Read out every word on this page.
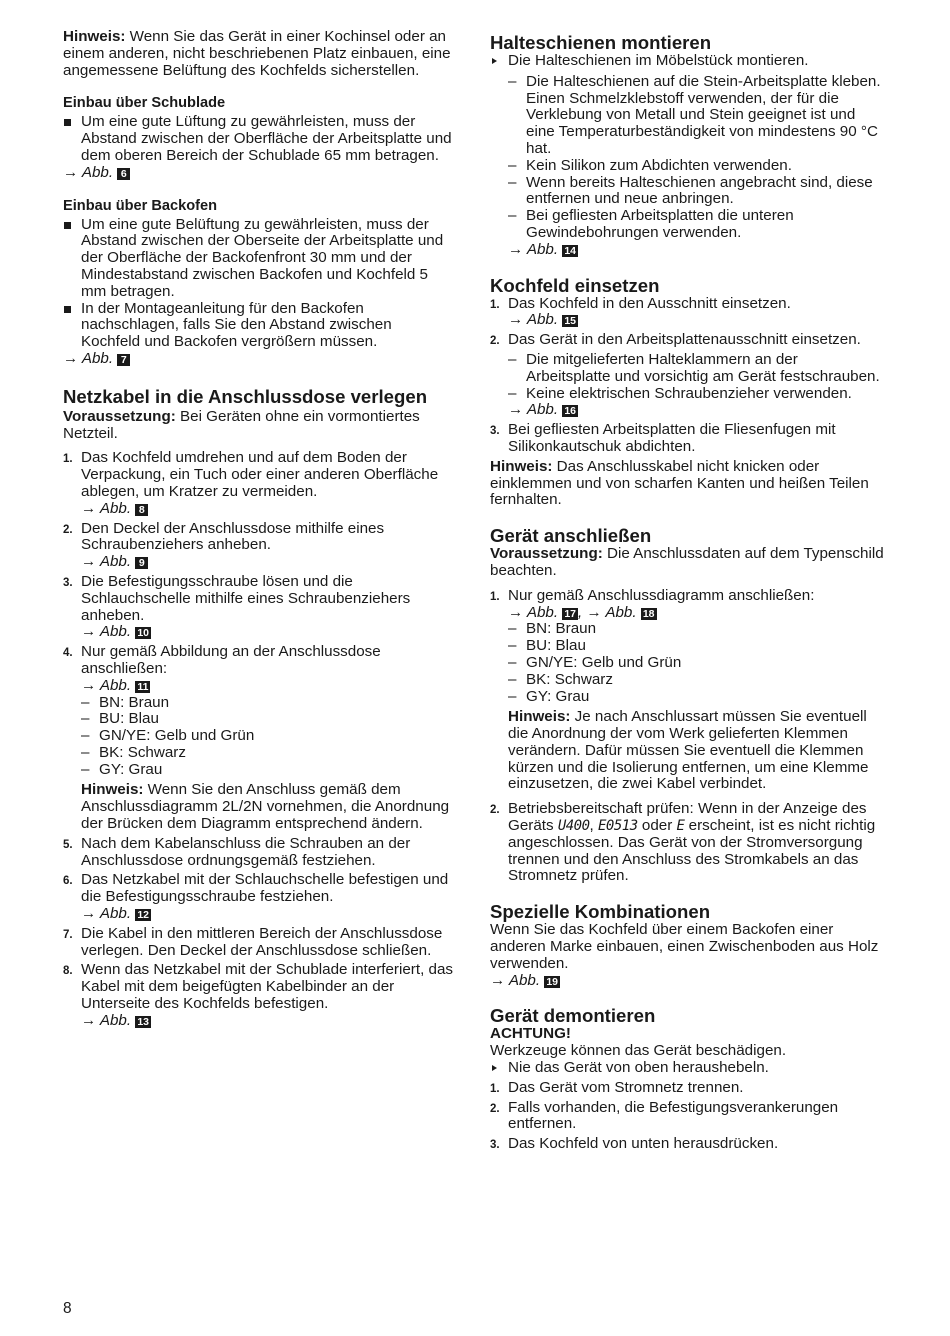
Hinweis: Wenn Sie das Gerät in einer Kochinsel oder an einem anderen, nicht beschriebenen Platz einbauen, eine angemessene Belüftung des Kochfelds sicherstellen.

Einbau über Schublade
Um eine gute Lüftung zu gewährleisten, muss der Abstand zwischen der Oberfläche der Arbeitsplatte und dem oberen Bereich der Schublade 65 mm betragen.
→ Abb. 6
Einbau über Backofen
Um eine gute Belüftung zu gewährleisten, muss der Abstand zwischen der Oberseite der Arbeitsplatte und der Oberfläche der Backofenfront 30 mm und der Mindestabstand zwischen Backofen und Kochfeld 5 mm betragen.
In der Montageanleitung für den Backofen nachschlagen, falls Sie den Abstand zwischen Kochfeld und Backofen vergrößern müssen.
→ Abb. 7
Netzkabel in die Anschlussdose verlegen

Voraussetzung: Bei Geräten ohne ein vormontiertes Netzteil.

1. Das Kochfeld umdrehen und auf dem Boden der Verpackung, ein Tuch oder einer anderen Oberfläche ablegen, um Kratzer zu vermeiden.
→ Abb. 8
2. Den Deckel der Anschlussdose mithilfe eines Schraubenziehers anheben.
→ Abb. 9
3. Die Befestigungsschraube lösen und die Schlauchschelle mithilfe eines Schraubenziehers anheben.
→ Abb. 10
4. Nur gemäß Abbildung an der Anschlussdose anschließen:
→ Abb. 11
– BN: Braun
– BU: Blau
– GN/YE: Gelb und Grün
– BK: Schwarz
– GY: Grau

Hinweis: Wenn Sie den Anschluss gemäß dem Anschlussdiagramm 2L/2N vornehmen, die Anordnung der Brücken dem Diagramm entsprechend ändern.

5. Nach dem Kabelanschluss die Schrauben an der Anschlussdose ordnungsgemäß festziehen.
6. Das Netzkabel mit der Schlauchschelle befestigen und die Befestigungsschraube festziehen.
→ Abb. 12
7. Die Kabel in den mittleren Bereich der Anschlussdose verlegen. Den Deckel der Anschlussdose schließen.
8. Wenn das Netzkabel mit der Schublade interferiert, das Kabel mit dem beigefügten Kabelbinder an der Unterseite des Kochfelds befestigen.
→ Abb. 13
Halteschienen montieren
Die Halteschienen im Möbelstück montieren.
– Die Halteschienen auf die Stein-Arbeitsplatte kleben. Einen Schmelzklebstoff verwenden, der für die Verklebung von Metall und Stein geeignet ist und eine Temperaturbeständigkeit von mindestens 90 °C hat.
– Kein Silikon zum Abdichten verwenden.
– Wenn bereits Halteschienen angebracht sind, diese entfernen und neue anbringen.
– Bei gefliesten Arbeitsplatten die unteren Gewindebohrungen verwenden.
→ Abb. 14
Kochfeld einsetzen
1. Das Kochfeld in den Ausschnitt einsetzen.
→ Abb. 15
2. Das Gerät in den Arbeitsplattenausschnitt einsetzen.
– Die mitgelieferten Halteklammern an der Arbeitsplatte und vorsichtig am Gerät festschrauben.
– Keine elektrischen Schraubenzieher verwenden.
→ Abb. 16
3. Bei gefliesten Arbeitsplatten die Fliesenfugen mit Silikonkautschuk abdichten.

Hinweis: Das Anschlusskabel nicht knicken oder einklemmen und von scharfen Kanten und heißen Teilen fernhalten.

Gerät anschließen

Voraussetzung: Die Anschlussdaten auf dem Typenschild beachten.

1. Nur gemäß Anschlussdiagramm anschließen:
→ Abb. 17 , → Abb. 18
– BN: Braun
– BU: Blau
– GN/YE: Gelb und Grün
– BK: Schwarz
– GY: Grau

Hinweis: Je nach Anschlussart müssen Sie eventuell die Anordnung der vom Werk gelieferten Klemmen verändern. Dafür müssen Sie eventuell die Klemmen kürzen und die Isolierung entfernen, um eine Klemme einzusetzen, die zwei Kabel verbindet.

2. Betriebsbereitschaft prüfen: Wenn in der Anzeige des Geräts U400, E0513 oder E erscheint, ist es nicht richtig angeschlossen. Das Gerät von der Stromversorgung trennen und den Anschluss des Stromkabels an das Stromnetz prüfen.
Spezielle Kombinationen

Wenn Sie das Kochfeld über einem Backofen einer anderen Marke einbauen, einen Zwischenboden aus Holz verwenden.

→ Abb. 19
Gerät demontieren

ACHTUNG!

Werkzeuge können das Gerät beschädigen.

Nie das Gerät von oben heraushebeln.
1. Das Gerät vom Stromnetz trennen.
2. Falls vorhanden, die Befestigungsverankerungen entfernen.
3. Das Kochfeld von unten herausdrücken.
8
